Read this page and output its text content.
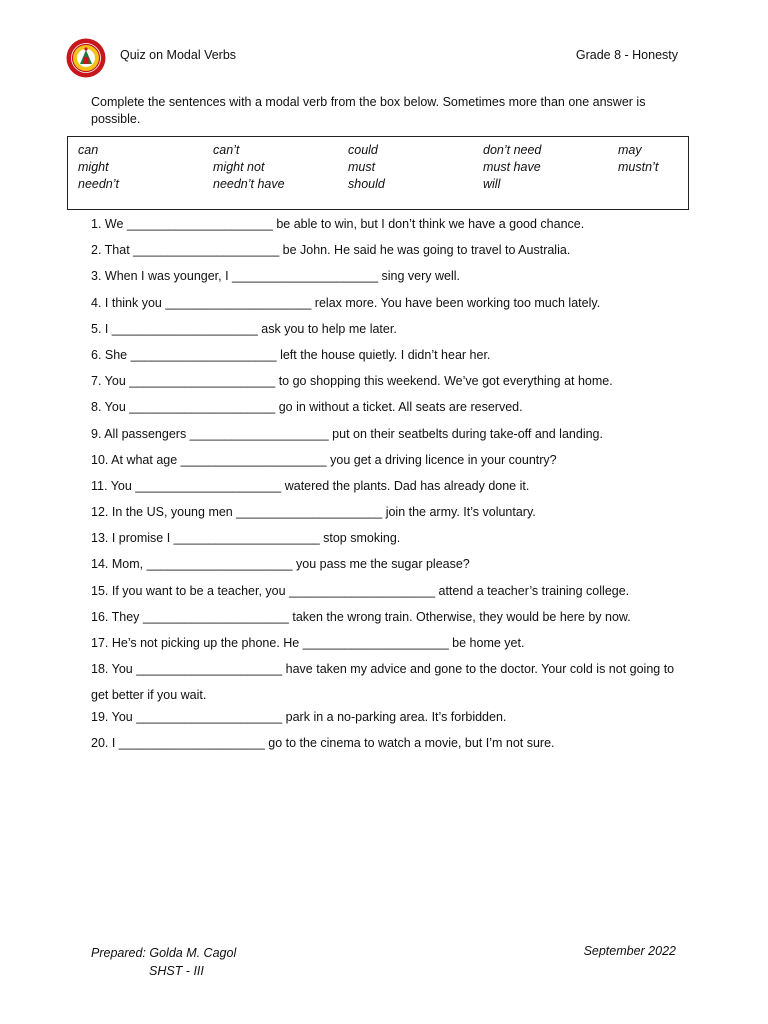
Quiz on Modal Verbs	Grade 8 - Honesty
Complete the sentences with a modal verb from the box below. Sometimes more than one answer is possible.
can	can’t	could	don’t need	may
might	might not	must	must have	mustn’t
needn’t	needn’t have	should	will
1. We _____________________ be able to win, but I don’t think we have a good chance.
2. That _____________________ be John. He said he was going to travel to Australia.
3. When I was younger, I _____________________ sing very well.
4. I think you _____________________ relax more. You have been working too much lately.
5. I _____________________ ask you to help me later.
6. She _____________________ left the house quietly. I didn’t hear her.
7. You _____________________ to go shopping this weekend. We’ve got everything at home.
8. You _____________________ go in without a ticket. All seats are reserved.
9. All passengers ____________________ put on their seatbelts during take-off and landing.
10. At what age _____________________ you get a driving licence in your country?
11. You _____________________ watered the plants. Dad has already done it.
12. In the US, young men _____________________ join the army. It’s voluntary.
13. I promise I _____________________ stop smoking.
14. Mom, _____________________ you pass me the sugar please?
15. If you want to be a teacher, you _____________________ attend a teacher’s training college.
16. They _____________________ taken the wrong train. Otherwise, they would be here by now.
17. He’s not picking up the phone. He _____________________ be home yet.
18. You _____________________ have taken my advice and gone to the doctor. Your cold is not going to get better if you wait.
19. You _____________________ park in a no-parking area. It’s forbidden.
20. I _____________________ go to the cinema to watch a movie, but I’m not sure.
Prepared: Golda M. Cagol
SHST - III
September 2022
